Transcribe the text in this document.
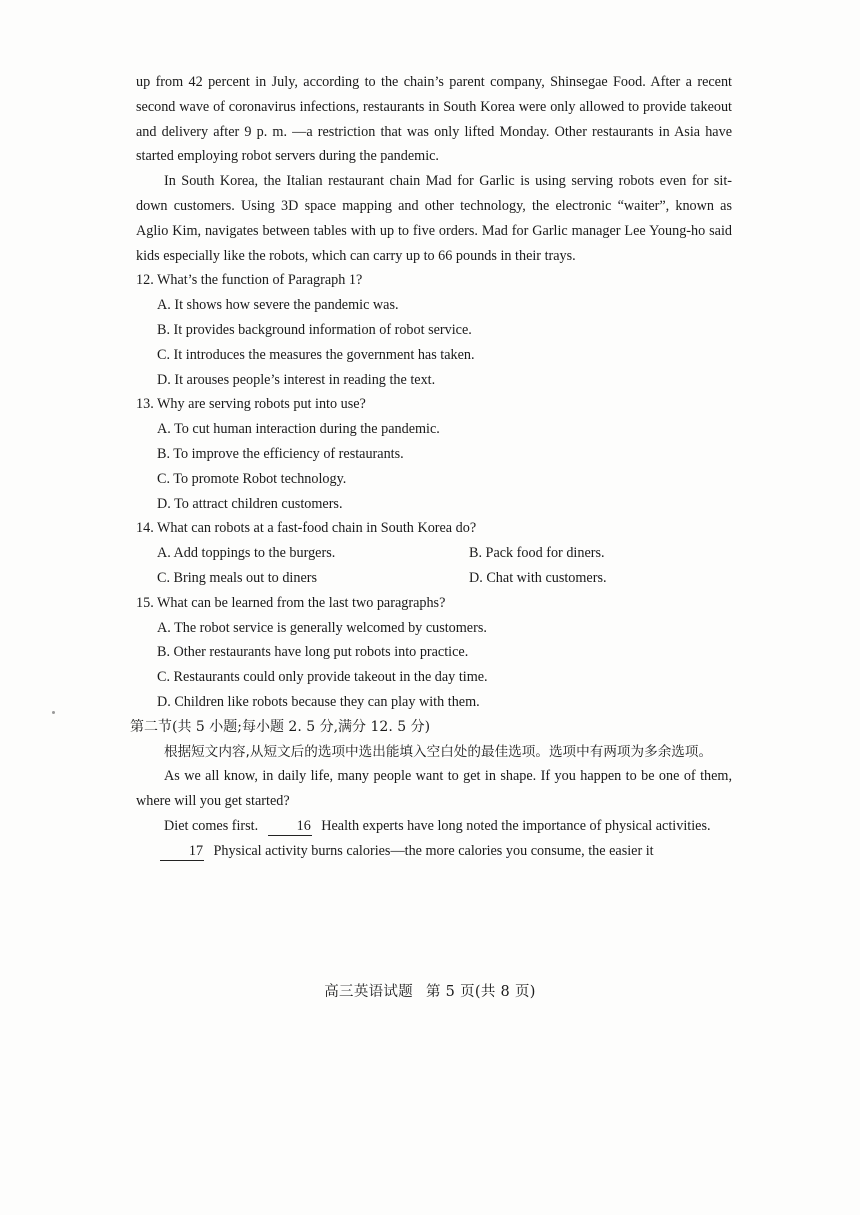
up from 42 percent in July, according to the chain’s parent company, Shinsegae Food. After a recent second wave of coronavirus infections, restaurants in South Korea were only allowed to provide takeout and delivery after 9 p. m. —a restriction that was only lifted Monday. Other restaurants in Asia have started employing robot servers during the pandemic.

In South Korea, the Italian restaurant chain Mad for Garlic is using serving robots even for sit-down customers. Using 3D space mapping and other technology, the electronic “waiter”, known as Aglio Kim, navigates between tables with up to five orders. Mad for Garlic manager Lee Young-ho said kids especially like the robots, which can carry up to 66 pounds in their trays.

12. What’s the function of Paragraph 1?

A. It shows how severe the pandemic was.

B. It provides background information of robot service.

C. It introduces the measures the government has taken.

D. It arouses people’s interest in reading the text.

13. Why are serving robots put into use?

A. To cut human interaction during the pandemic.

B. To improve the efficiency of restaurants.

C. To promote Robot technology.

D. To attract children customers.

14. What can robots at a fast-food chain in South Korea do?

A. Add toppings to the burgers.	B. Pack food for diners.
C. Bring meals out to diners	D. Chat with customers.

15. What can be learned from the last two paragraphs?

A. The robot service is generally welcomed by customers.

B. Other restaurants have long put robots into practice.

C. Restaurants could only provide takeout in the day time.

D. Children like robots because they can play with them.

第二节(共 5 小题;每小题 2. 5 分,满分 12. 5 分)

根据短文内容,从短文后的选项中选出能填入空白处的最佳选项。选项中有两项为多余选项。

As we all know, in daily life, many people want to get in shape. If you happen to be one of them, where will you get started?

Diet comes first.	16 Health experts have long noted the importance of physical activities.

17 Physical activity burns calories—the more calories you consume, the easier it

高三英语试题 第 5 页(共 8 页)
